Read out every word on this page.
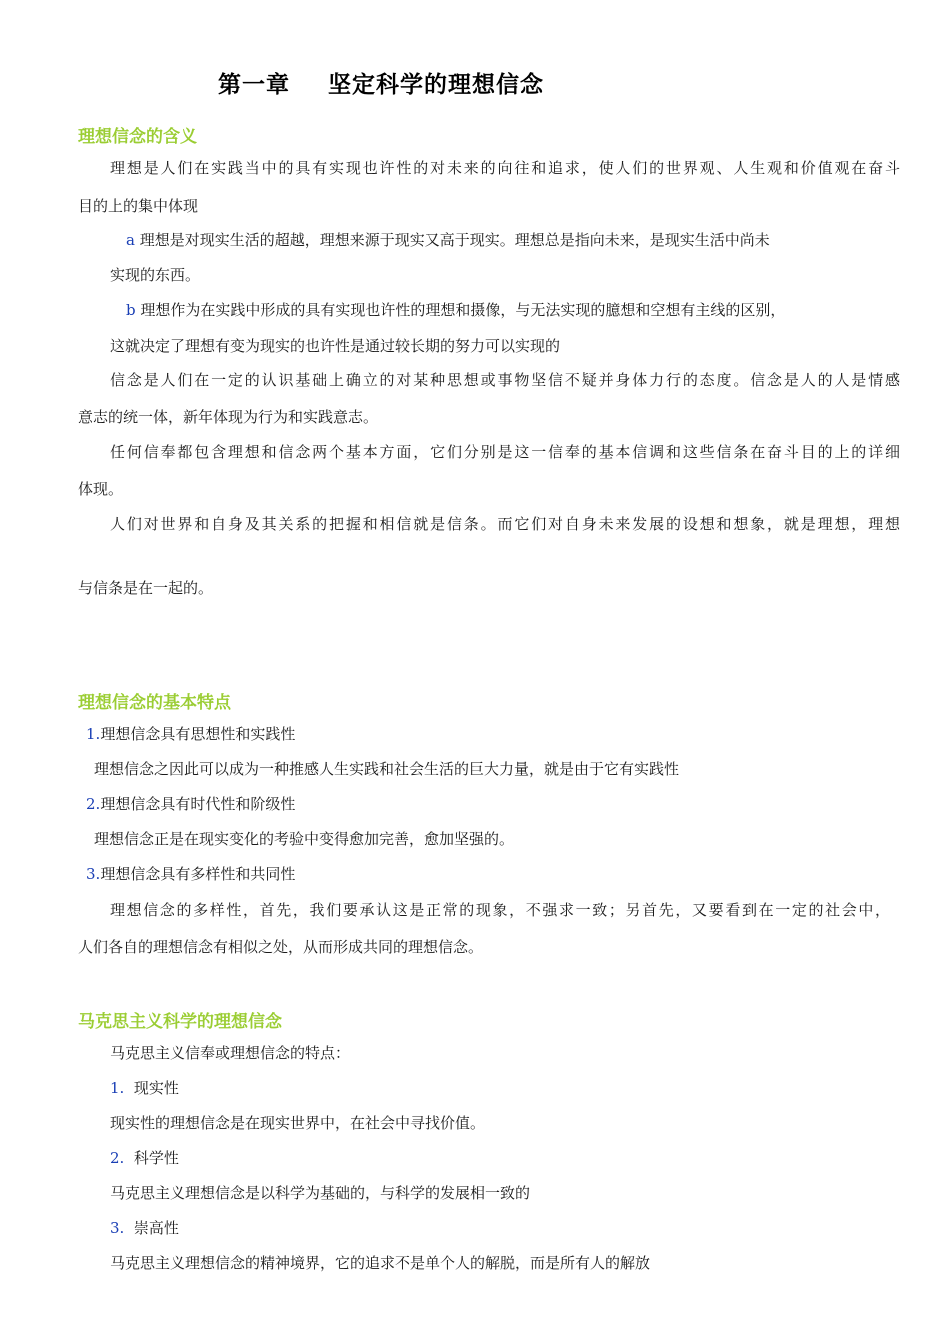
第一章 坚定科学的理想信念
理想信念的含义
理想是人们在实践当中的具有实现也许性的对未来的向往和追求，使人们的世界观、人生观和价值观在奋斗
目的上的集中体现
a 理想是对现实生活的超越，理想来源于现实又高于现实。理想总是指向未来，是现实生活中尚未
实现的东西。
b 理想作为在实践中形成的具有实现也许性的理想和摄像，与无法实现的臆想和空想有主线的区别，
这就决定了理想有变为现实的也许性是通过较长期的努力可以实现的
信念是人们在一定的认识基础上确立的对某种思想或事物坚信不疑并身体力行的态度。信念是人的人是情感
意志的统一体，新年体现为行为和实践意志。
任何信奉都包含理想和信念两个基本方面，它们分别是这一信奉的基本信调和这些信条在奋斗目的上的详细
体现。
人们对世界和自身及其关系的把握和相信就是信条。而它们对自身未来发展的设想和想象，就是理想，理想
与信条是在一起的。
理想信念的基本特点
1.理想信念具有思想性和实践性
理想信念之因此可以成为一种推感人生实践和社会生活的巨大力量，就是由于它有实践性
2.理想信念具有时代性和阶级性
理想信念正是在现实变化的考验中变得愈加完善，愈加坚强的。
3.理想信念具有多样性和共同性
理想信念的多样性，首先，我们要承认这是正常的现象，不强求一致；另首先，又要看到在一定的社会中，
人们各自的理想信念有相似之处，从而形成共同的理想信念。
马克思主义科学的理想信念
马克思主义信奉或理想信念的特点：
1. 现实性
现实性的理想信念是在现实世界中，在社会中寻找价值。
2. 科学性
马克思主义理想信念是以科学为基础的，与科学的发展相一致的
3. 崇高性
马克思主义理想信念的精神境界，它的追求不是单个人的解脱，而是所有人的解放
